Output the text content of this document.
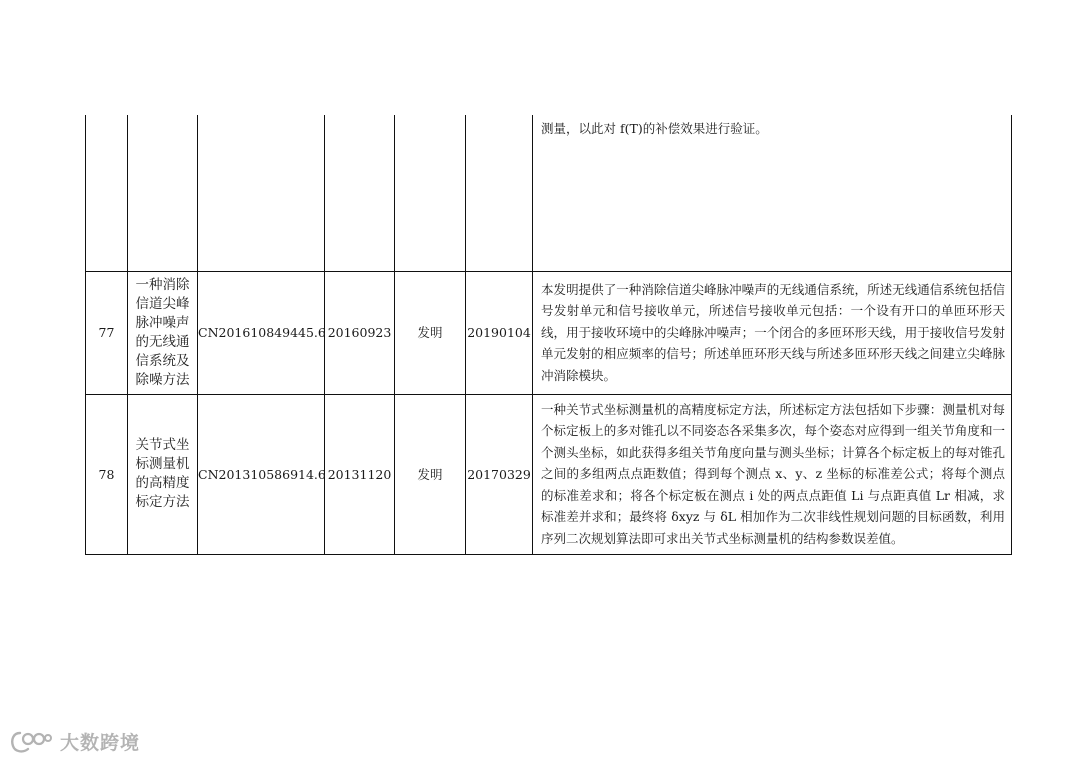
						测量，以此对 f(T)的补偿效果进行验证。
77	一种消除信道尖峰脉冲噪声的无线通信系统及除噪方法	CN201610849445.6	20160923	发明	20190104	本发明提供了一种消除信道尖峰脉冲噪声的无线通信系统，所述无线通信系统包括信号发射单元和信号接收单元，所述信号接收单元包括：一个设有开口的单匝环形天线，用于接收环境中的尖峰脉冲噪声；一个闭合的多匝环形天线，用于接收信号发射单元发射的相应频率的信号；所述单匝环形天线与所述多匝环形天线之间建立尖峰脉冲消除模块。
78	关节式坐标测量机的高精度标定方法	CN201310586914.6	20131120	发明	20170329	一种关节式坐标测量机的高精度标定方法，所述标定方法包括如下步骤：测量机对每个标定板上的多对锥孔以不同姿态各采集多次，每个姿态对应得到一组关节角度和一个测头坐标，如此获得多组关节角度向量与测头坐标；计算各个标定板上的每对锥孔之间的多组两点点距数值；得到每个测点 x、y、z 坐标的标准差公式；将每个测点的标准差求和；将各个标定板在测点 i 处的两点点距值 Li 与点距真值 Lr 相减，求标准差并求和；最终将 δxyz 与 δL 相加作为二次非线性规划问题的目标函数，利用序列二次规划算法即可求出关节式坐标测量机的结构参数误差值。
大数跨境
